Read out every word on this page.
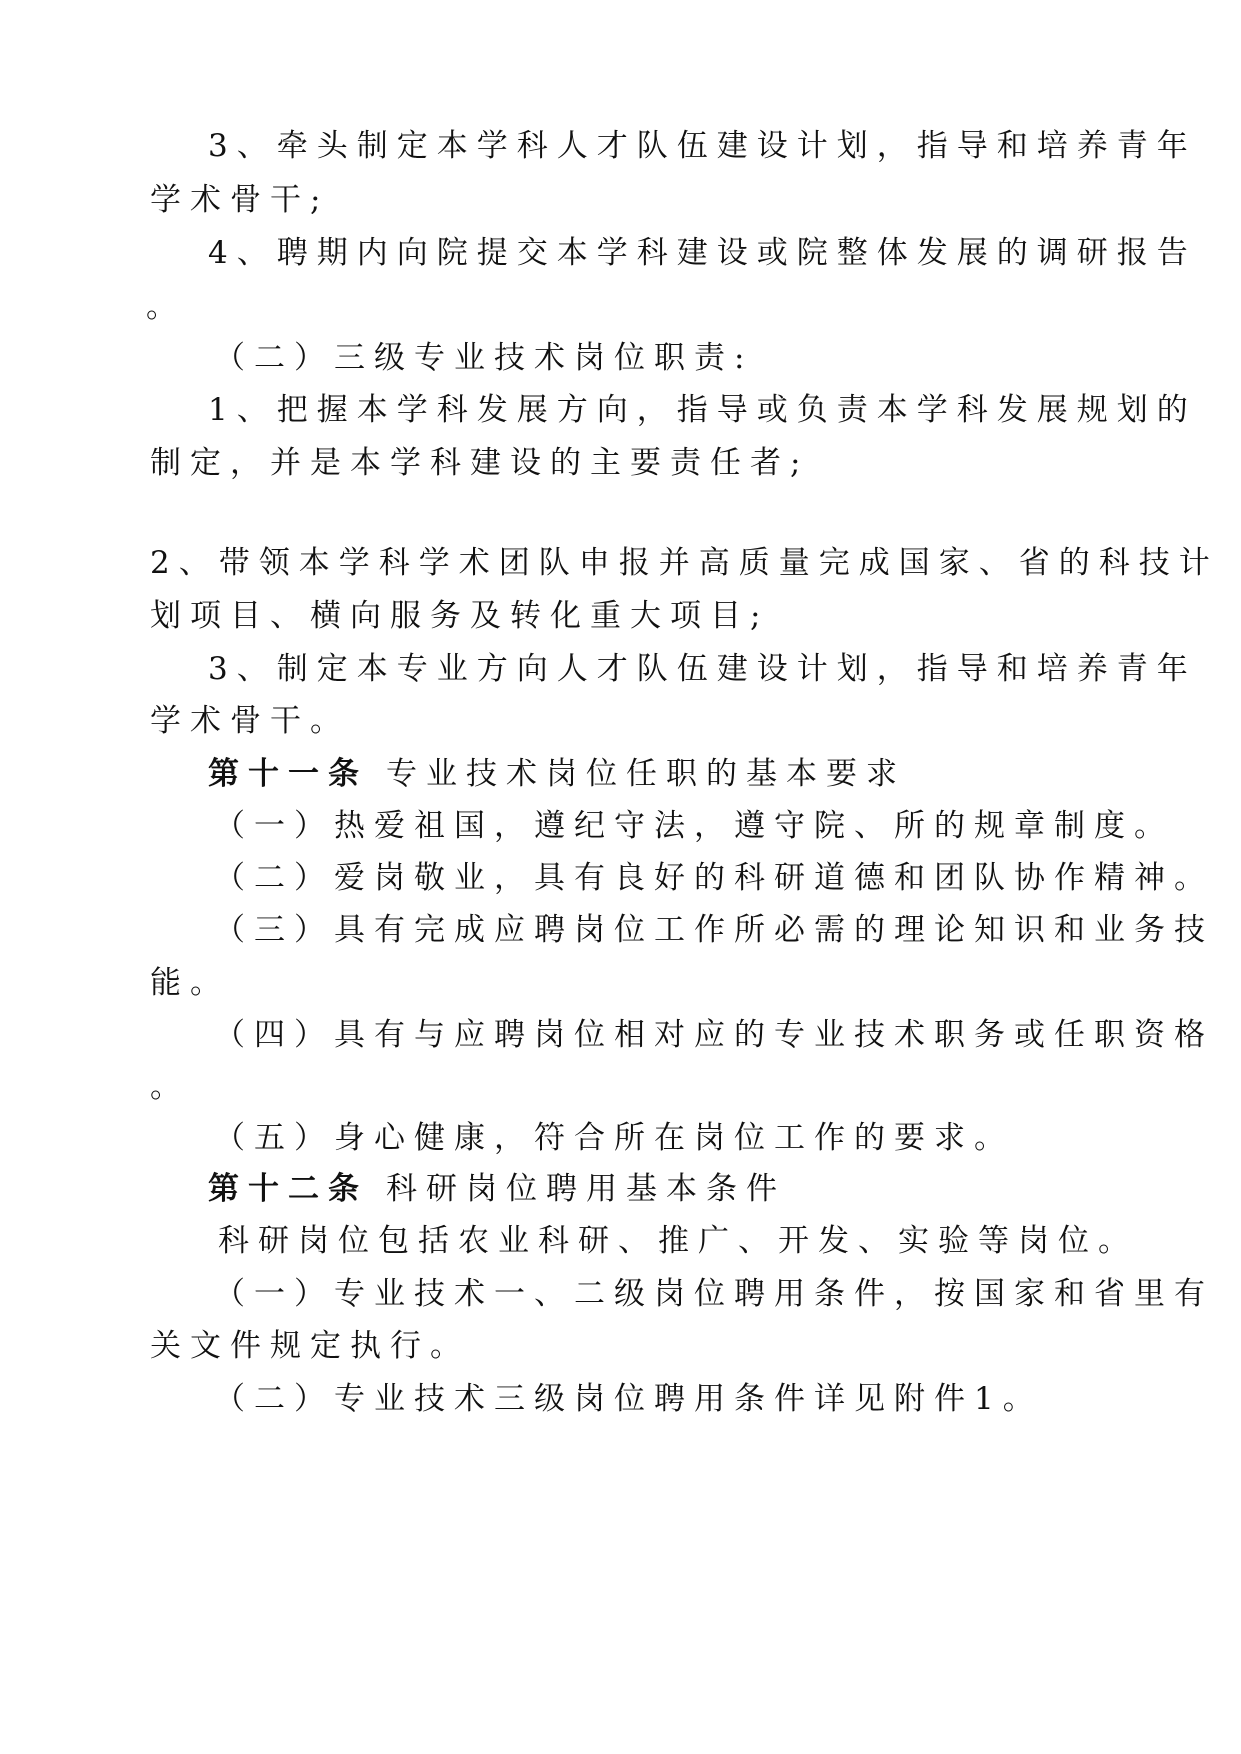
3、牵头制定本学科人才队伍建设计划，指导和培养青年
学术骨干;
4、聘期内向院提交本学科建设或院整体发展的调研报告
。
（二）三级专业技术岗位职责:
1、把握本学科发展方向，指导或负责本学科发展规划的
制定，并是本学科建设的主要责任者;
2、带领本学科学术团队申报并高质量完成国家、省的科技计
划项目、横向服务及转化重大项目;
3、制定本专业方向人才队伍建设计划，指导和培养青年
学术骨干。
第十一条 专业技术岗位任职的基本要求
（一）热爱祖国，遵纪守法，遵守院、所的规章制度。
（二）爱岗敬业，具有良好的科研道德和团队协作精神。
（三）具有完成应聘岗位工作所必需的理论知识和业务技
能。
（四）具有与应聘岗位相对应的专业技术职务或任职资格
。
（五）身心健康，符合所在岗位工作的要求。
第十二条 科研岗位聘用基本条件
科研岗位包括农业科研、推广、开发、实验等岗位。
（一）专业技术一、二级岗位聘用条件，按国家和省里有
关文件规定执行。
（二）专业技术三级岗位聘用条件详见附件1。
